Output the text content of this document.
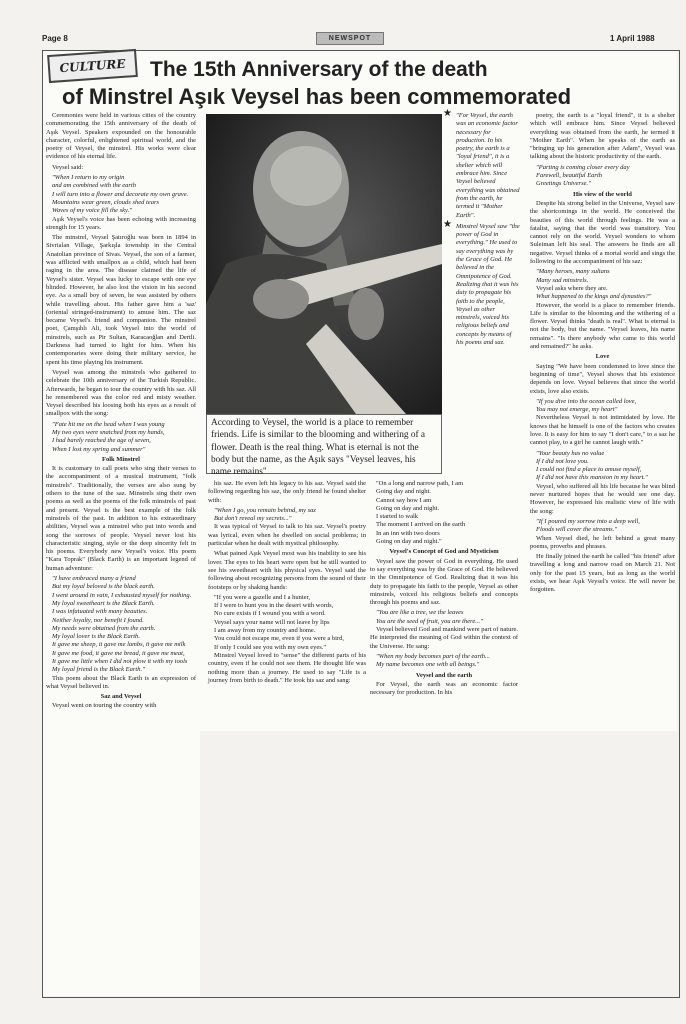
Page 8	NEWSPOT	1 April 1988
CULTURE	The 15th Anniversary of the death
of Minstrel Aşık Veysel has been commemorated

Ceremonies were held in various cities of the country commemorating the 15th anniversary of the death of Aşık Veysel. Speakers expounded on the honourable character, colorful, enlightened spiritual world, and the poetry of Veysel, the minstrel. His works were clear evidence of his eternal life.

Veysel said:

"When I return to my origin

and am combined with the earth

I will turn into a flower and decorate my own grave.

Mountains wear green, clouds shed tears

Waves of my voice fill the sky."

Aşık Veysel's voice has been echoing with increasing strength for 15 years.

The minstrel, Veysel Şatıroğlu was born in 1894 in Sivrialan Village, Şarkışla township in the Central Anatolian province of Sivas. Veysel, the son of a farmer, was afflicted with smallpox as a child, which had been raging in the area. The disease claimed the life of Veysel's sister. Veysel was lucky to escape with one eye blinded. However, he also lost the vision in his second eye. As a small boy of seven, he was assisted by others while travelling about. His father gave him a 'saz' (oriental stringed-instrument) to amuse him. The saz became Veysel's friend and companion. The minstrel poet, Çamşıhlı Ali, took Veysel into the world of minstrels, such as Pir Sultan, Karacaoğlan and Dertli. Darkness had turned to light for him. When his contemporaries were doing their military service, he spent his time playing his instrument.

Veysel was among the minstrels who gathered to celebrate the 10th anniversary of the Turkish Republic. Afterwards, he began to tour the country with his saz. All he remembered was the color red and misty weather. Veysel described his loosing both his eyes as a result of smallpox with the song:

"Fate hit me on the head when I was young

My two eyes were snatched from my hands,

I had barely reached the age of seven,

When I lost my spring and summer"

Folk Minstrel

It is customary to call poets who sing their verses to the accompaniment of a musical instrument, "folk minstrels". Traditionally, the verses are also sung by others to the tune of the saz. Minstrels sing their own poems as well as the poems of the folk minstrels of past and present. Veysel is the best example of the folk minstrels of the past. In addition to his extraordinary abilities, Veysel was a minstrel who put into words and song the sorrows of people. Veysel never lost his characteristic singing, style or the deep sincerity felt in his poems. Everybody new Veysel's voice. His poem "Kara Toprak" (Black Earth) is an important legend of human adventure:

"I have embraced many a friend

But my loyal beloved is the black earth.

I went around in vain, I exhausted myself for nothing.

My loyal sweetheart is the Black Earth.

I was infatuated with many beauties.

Neither loyalty, nor benefit I found.

My needs were obtained from the earth.

My loyal lover is the Black Earth.

It gave me sheep, it gave me lambs, it gave me milk

It gave me food, it gave me bread, it gave me meat,

It gave me little when I did not plow it with my tools

My loyal friend is the Black Earth."

This poem about the Black Earth is an expression of what Veysel believed in.

Saz and Veysel

Veysel went on touring the country with

According to Veysel, the world is a place to remember friends. Life is similar to the blooming and withering of a flower. Death is the real thing. What is eternal is not the body but the name, as the Aşık says "Veysel leaves, his name remains"
★ "For Veysel, the earth was an economic factor necessary for production. In his poetry, the earth is a "loyal friend", it is a shelter which will embrace him. Since Veysel believed everything was obtained from the earth, he termed it "Mother Earth".
★ Minstrel Veysel saw "the power of God in everything." He used to say everything was by the Grace of God. He believed in the Omnipotence of God. Realizing that it was his duty to propagate his faith to the people, Veysel as other minstrels, voiced his religious beliefs and concepts by means of his poems and saz.

his saz. He even left his legacy to his saz. Veysel said the following regarding his saz, the only friend he found shelter with:

"When I go, you remain behind, my saz

But don't reveal my secrets..."

It was typical of Veysel to talk to his saz. Veysel's poetry was lyrical, even when he dwelled on social problems; in particular when he dealt with mystical philosophy.

What pained Aşık Veysel most was his inability to see his lover. The eyes to his heart were open but he still wanted to see his sweetheart with his physical eyes. Veysel said the following about recognizing persons from the sound of their footsteps or by shaking hands:

"If you were a gazelle and I a hunter,

If I were to hunt you in the desert with words,

No cure exists if I wound you with a word.

Veysel says your name will not leave by lips

I am away from my country and home.

You could not escape me, even if you were a bird,

If only I could see you with my own eyes."

Minstrel Veysel loved to "sense" the different parts of his country, even if he could not see them. He thought life was nothing more than a journey. He used to say "Life is a journey from birth to death." He took his saz and sang:

"On a long and narrow path, I am

Going day and night.

Cannot say how I am

Going on day and night.

I started to walk

The moment I arrived on the earth

In an inn with two doors

Going on day and night."

Veysel's Concept of God and Mysticism

Veysel saw the power of God in everything. He used to say everything was by the Grace of God. He believed in the Omnipotence of God. Realizing that it was his duty to propagate his faith to the people, Veysel as other minstrels, voiced his religious beliefs and concepts through his poems and saz.

"You are like a tree, we the leaves

You are the seed of fruit, you are there..."

Veysel believed God and mankind were part of nature. He interpreted the meaning of God within the context of the Universe. He sang:

"When my body becomes part of the earth...

My name becomes one with all beings."

Veysel and the earth

For Veysel, the earth was an economic factor necessary for production. In his

poetry, the earth is a "loyal friend", it is a shelter which will embrace him. Since Veysel believed everything was obtained from the earth, he termed it "Mother Earth". When he speaks of the earth as "bringing up his generation after Adam", Veysel was talking about the historic productivity of the earth.

"Parting is coming closer every day

Farewell, beautiful Earth

Greetings Universe."

His view of the world

Despite his strong belief in the Universe, Veysel saw the shortcomings in the world. He conceived the beauties of this world through feelings. He was a fatalist, saying that the world was transitory. You cannot rely on the world. Veysel wonders to whom Suleiman left his seal. The answers he finds are all negative. Veysel thinks of a mortal world and sings the following to the accompaniment of his saz:

"Many heroes, many sultans

Many sad minstrels.

Veysel asks where they are.

What happened to the kings and dynasties?"

However, the world is a place to remember friends. Life is similar to the blooming and the withering of a flower. Veysel thinks "death is real". What is eternal is not the body, but the name. "Veysel leaves, his name remains". "Is there anybody who came to this world and remained?" he asks.

Love

Saying "We have been condemned to love since the beginning of time", Veysel shows that his existence depends on love. Veysel believes that since the world exists, love also exists.

"If you dive into the ocean called love,

You may not emerge, my heart"

Nevertheless Veysel is not intimidated by love. He knows that he himself is one of the factors who creates love. It is easy for him to say "I don't care," to a saz he cannot play, to a girl he cannot laugh with."

"Your beauty has no value

If I did not love you.

I could not find a place to amuse myself,

If I did not have this mansion in my heart."

Veysel, who suffered all his life because he was blind never nurtured hopes that he would see one day. However, he expressed his realistic view of life with the song:

"If I poured my sorrow into a deep well,

Floods will cover the streams."

When Veysel died, he left behind a great many poems, proverbs and phrases.

He finally joined the earth he called "his friend" after travelling a long and narrow road on March 21. Not only for the past 15 years, but as long as the world exists, we hear Aşık Veysel's voice. He will never be forgotten.
